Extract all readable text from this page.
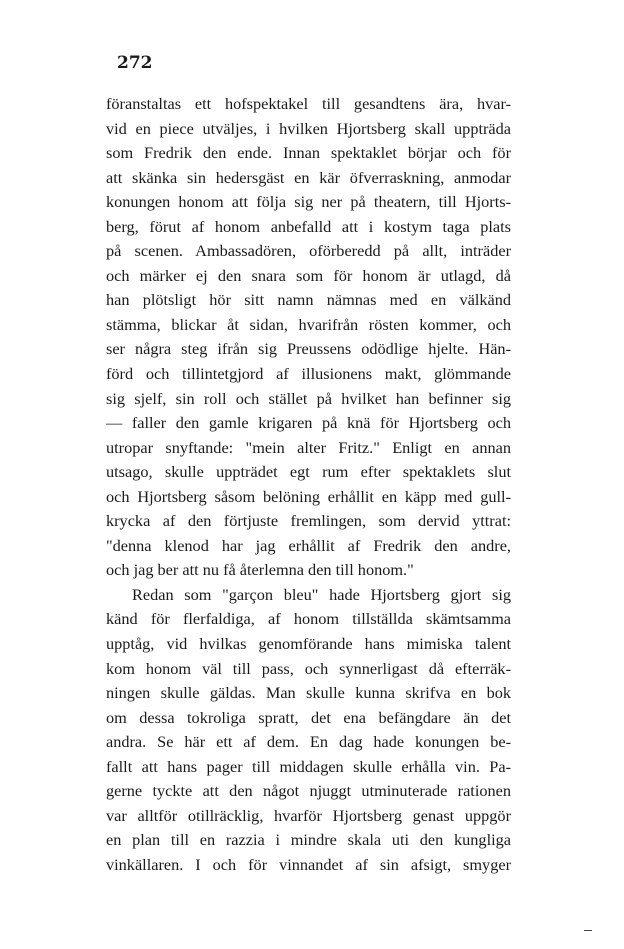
272
föranstaltas ett hofspektakel till gesandtens ära, hvar-
vid en piece utväljes, i hvilken Hjortsberg skall uppträda
som Fredrik den ende. Innan spektaklet börjar och för
att skänka sin hedersgäst en kär öfverraskning, anmodar
konungen honom att följa sig ner på theatern, till Hjorts-
berg, förut af honom anbefalld att i kostym taga plats
på scenen. Ambassadören, oförberedd på allt, inträder
och märker ej den snara som för honom är utlagd, då
han plötsligt hör sitt namn nämnas med en välkänd
stämma, blickar åt sidan, hvarifrån rösten kommer, och
ser några steg ifrån sig Preussens odödlige hjelte. Hän-
förd och tillintetgjord af illusionens makt, glömmande
sig sjelf, sin roll och stället på hvilket han befinner sig
— faller den gamle krigaren på knä för Hjortsberg och
utropar snyftande: "mein alter Fritz." Enligt en annan
utsago, skulle uppträdet egt rum efter spektaklets slut
och Hjortsberg såsom belöning erhållit en käpp med gull-
krycka af den förtjuste fremlingen, som dervid yttrat:
"denna klenod har jag erhållit af Fredrik den andre,
och jag ber att nu få återlemna den till honom."
Redan som "garçon bleu" hade Hjortsberg gjort sig
känd för flerfaldiga, af honom tillställda skämtsamma
upptåg, vid hvilkas genomförande hans mimiska talent
kom honom väl till pass, och synnerligast då efterräk-
ningen skulle gäldas. Man skulle kunna skrifva en bok
om dessa tokroliga spratt, det ena befängdare än det
andra. Se här ett af dem. En dag hade konungen be-
fallt att hans pager till middagen skulle erhålla vin. Pa-
gerne tyckte att den något njuggt utminuterade rationen
var alltför otillräcklig, hvarför Hjortsberg genast uppgör
en plan till en razzia i mindre skala uti den kungliga
vinkällaren. I och för vinnandet af sin afsigt, smyger
